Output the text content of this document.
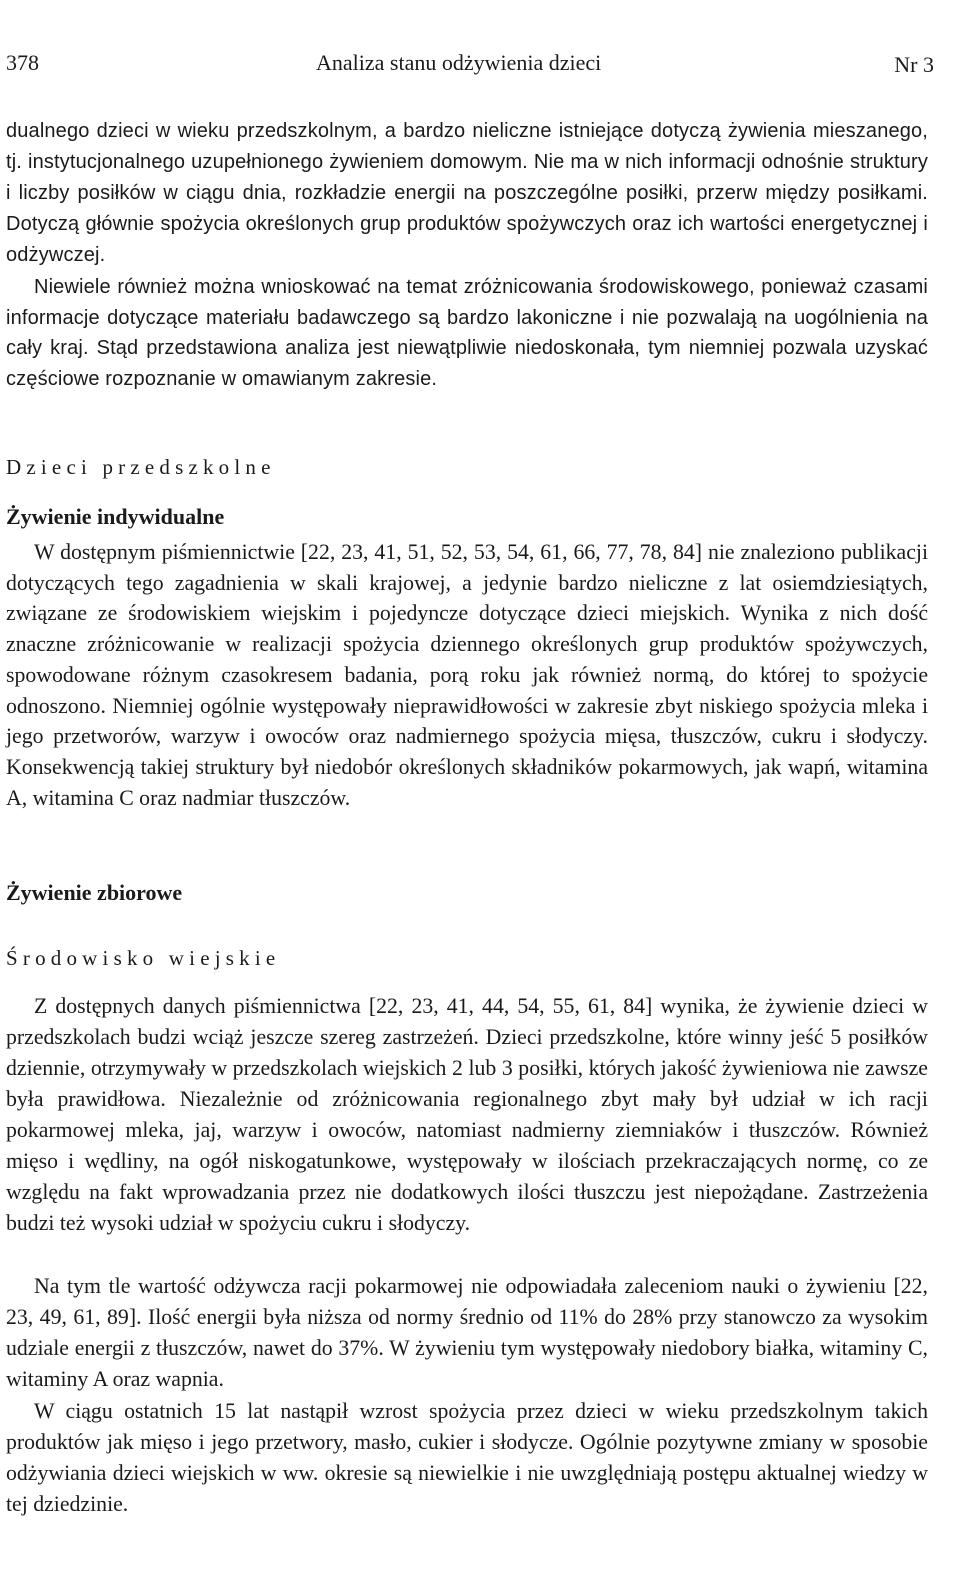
378	Analiza stanu odżywienia dzieci	Nr 3

dualnego dzieci w wieku przedszkolnym, a bardzo nieliczne istniejące dotyczą żywienia mieszanego, tj. instytucjonalnego uzupełnionego żywieniem domowym. Nie ma w nich informacji odnośnie struktury i liczby posiłków w ciągu dnia, rozkładzie energii na poszczególne posiłki, przerw między posiłkami. Dotyczą głównie spożycia określonych grup produktów spożywczych oraz ich wartości energetycznej i odżywczej.

Niewiele również można wnioskować na temat zróżnicowania środowiskowego, ponieważ czasami informacje dotyczące materiału badawczego są bardzo lakoniczne i nie pozwalają na uogólnienia na cały kraj. Stąd przedstawiona analiza jest niewątpliwie niedoskonała, tym niemniej pozwala uzyskać częściowe rozpoznanie w omawianym zakresie.

Dzieci przedszkolne

Żywienie indywidualne

W dostępnym piśmiennictwie [22, 23, 41, 51, 52, 53, 54, 61, 66, 77, 78, 84] nie znaleziono publikacji dotyczących tego zagadnienia w skali krajowej, a jedynie bardzo nieliczne z lat osiemdziesiątych, związane ze środowiskiem wiejskim i pojedyncze dotyczące dzieci miejskich. Wynika z nich dość znaczne zróżnicowanie w realizacji spożycia dziennego określonych grup produktów spożywczych, spowodowane różnym czasokresem badania, porą roku jak również normą, do której to spożycie odnoszono. Niemniej ogólnie występowały nieprawidłowości w zakresie zbyt niskiego spożycia mleka i jego przetworów, warzyw i owoców oraz nadmiernego spożycia mięsa, tłuszczów, cukru i słodyczy. Konsekwencją takiej struktury był niedobór określonych składników pokarmowych, jak wapń, witamina A, witamina C oraz nadmiar tłuszczów.

Żywienie zbiorowe

Środowisko wiejskie

Z dostępnych danych piśmiennictwa [22, 23, 41, 44, 54, 55, 61, 84] wynika, że żywienie dzieci w przedszkolach budzi wciąż jeszcze szereg zastrzeżeń. Dzieci przedszkolne, które winny jeść 5 posiłków dziennie, otrzymywały w przedszkolach wiejskich 2 lub 3 posiłki, których jakość żywieniowa nie zawsze była prawidłowa. Niezależnie od zróżnicowania regionalnego zbyt mały był udział w ich racji pokarmowej mleka, jaj, warzyw i owoców, natomiast nadmierny ziemniaków i tłuszczów. Również mięso i wędliny, na ogół niskogatunkowe, występowały w ilościach przekraczających normę, co ze względu na fakt wprowadzania przez nie dodatkowych ilości tłuszczu jest niepożądane. Zastrzeżenia budzi też wysoki udział w spożyciu cukru i słodyczy.

Na tym tle wartość odżywcza racji pokarmowej nie odpowiadała zaleceniom nauki o żywieniu [22, 23, 49, 61, 89]. Ilość energii była niższa od normy średnio od 11% do 28% przy stanowczo za wysokim udziale energii z tłuszczów, nawet do 37%. W żywieniu tym występowały niedobory białka, witaminy C, witaminy A oraz wapnia.

W ciągu ostatnich 15 lat nastąpił wzrost spożycia przez dzieci w wieku przedszkolnym takich produktów jak mięso i jego przetwory, masło, cukier i słodycze. Ogólnie pozytywne zmiany w sposobie odżywiania dzieci wiejskich w ww. okresie są niewielkie i nie uwzględniają postępu aktualnej wiedzy w tej dziedzinie.
